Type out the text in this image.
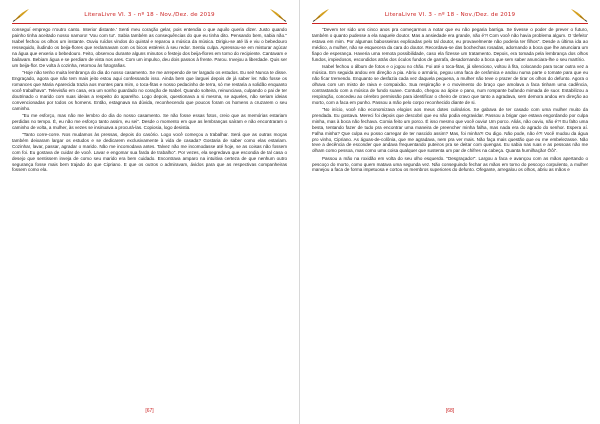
LiteraLivre VI. 3 - nº 18 - Nov./Dez. de 2019

conseguí emprego n'outro canto. Interior distante.' Senti meu coração gelar, pois entendia o que aquilo queria dizer. Justo quando painho tinha aceitado nosso namoro! 'Vou com tu!'. Sabia também as consequências do que eu tinha dito. Pensando bem, sabia não." Isabel fechou os olhos um instante. Ouviu ruídos vindos do quintal e reparou a música da música. Dirigiu-se até lá e viu o bebedouro ressequido, iludindo os beija-flores que reclamavam com os bicos estéreis à seu redor. Sentiu culpa. Apressou-se em misturar açúcar na água que enxeria o bebedouro. Feito, observou durante alguns minutos o festejo dos beija-flores em torno do recipiente. Cantavam e bailavam. Bebiam água e se perdiam de vista nos ares. Com um impulso, deu dois passos à frente. Parou. Invejou a liberdade. Quis ser um beija-flor. De volta à cozinha, retornou às fotografias.

"Hoje não tenho muita lembrança do dia do nosso casamento. Se me arrependo de ter largado os estudos. Eu sei! Nunca te disse. Engraçado, agora que não tem mais jeito estou aqui confessando isso. Ainda bem que larguei depois de já saber ler. Não fosse os romances que Maria Aparecida trazia aos montes para mim, o toca-fitas e nosso pedacinho de terra, só me restaria a solidão enquanto você trabalhava". Televisão em casa, era um sonho guardado no coração de Isabel. Quando solteira, reinunciava, culpando o pai de ter doutrinado o marido com suas ideias a respeito do aparelho. Logo depois, questionava a si mesma, se aqueles, não seriam ideias convencionadas por todos os homens. Então, estagnava na dúvida, reconhecendo que poucos foram os homens a cruzarem o seu caminho.

"Eu me esforço, mas não me lembro do dia do nosso casamento. Se não fosse essas fotos, creio que as memórias estariam perdidas no tempo. É, eu não me esforço tanto assim, eu sei". Desde o momento em que as lembranças saíram e não encontraram o caminho de volta, a mulher, às vezes se insinuava a procurá-las. Copiosia, logo desistia.

"Tanto corre-corre. Nos mudamos às pressas, depois do casório. Logo você começou a trabalhar. Será que as outras moças também deixaram largar os estudos e se dedicarem exclusivamente à vida de casada? Gostaria de saber como elas estariam. Cozinhar, lavar, passar, agradar o marido. Não me incomodava antes. Talvez não me incomodasse até hoje, se as coisas não fossem com foi. Eu gostava de cuidar de você. Lavar e engomar sua farda de trabalho". Por vezes, ela segredava que escondia de tal casa o desejo que sentissem inveja de como seu marido era bem cuidado. Encontrava amparo na intuitiva certeza de que nenhum outro segurança fosse mais bem trajado do que Cipriano. E que os outros o admiravam, ávidos para que as respectivas companheiras fossem como ela.

[67]
LiteraLivre VI. 3 - nº 18 - Nov./Dez. de 2019

"Devem ter sido uns cinco anos pra começarmos a notar que eu não pegaria barriga. Se tivesse o poder de prever o futuro, também o quanto pudesse a ela naquele doutor. Mas a ansiedade era grande, não é?! Com você não havia problema algum. O 'defeito' estava em mim. Por algumas babosseiras explicadas pelo tal doutor, eu provavelmente não poderia ter filhos". Desde a última ida ao médico, a mulher, não se esquecera da cara do doutor. Recordava-se das bochechas rosadas, adornando a boca que lhe anunciara um fiapo de esperança. Haveria uma remota possibilidade, caso ela fizesse um tratamento. Depois, era tomada pela lembrança dos olhos fundos, impiedosos, escondidos atrás dos óculos fundos de garrafa, desadornando a boca que sem saber anunciara-lhe o seu martírio.

Isabel fechou o álbum de fotos e o jogou no chão. Foi até o toca-fitas, já silencioso, voltou à fita, colocando para tocar outra vez a música. Em seguida andou em direção a pia. Abriu o armário, pegou uma faca de cerâmica e andou numa parte o tomate para que eu não ficar tremendo. Enquanto se desfazia cada vez daquela pequena, a mulher não teve o prazer de tirar os olhos do defunto. Agora o olhava com um misto de raiva e compaixão. Sua respiração e o movimento do braço que amolava a faca tinham uma cadência, contrastando com a música de fundo suave. Contudo, chegou ao ápice o pano, num rompante bufando mimada de suor. Estabilizou a respiração, concedeu ao cérebro permissão para identificar o cheiro de cravo que tanto a agradava, sem demora andou em direção ao morto, com a faca em punho. Passou a mão pelo corpo reconhecido diante de si.

"No início, você não economizava elogios aos meus dotes culinários. Se gabava de ter casado com uma mulher muito da prendada. Eu gostava. Mereci foi depois que descobri que eu não podia engravidar. Passou a brigar que estava engordando por culpa minha, mas à boca não fechava. Comia feito um porco. É isso mesmo que você ouviu! Um porco. Aliás, não ouviu, não é?! Eu falto uma besta, tentando fazer de tudo pra encontrar uma maneira de preencher minha falha, mas nada era do agrado do senhor. Espera aí. Falha minha? Que culpa eu posso carregar de ter nascido assim? Mas, foi minha?! Ou digo. Não pode, não é?! Você mudou da água pro vinho, Cipriano. As águas-de-colônia, que me agradava, nem pra ver mais. Não faça mais questão que eu me embelezasse. Não teve a decência de esconder que andava frequentando puteiros pra se deitar com quengas. Eu sabia nas ruas e as pessoas não me olham como pessoa, mas como uma coisa qualquer que sustenta um par de chifres na cabeça. Quanta humilhação! Ôôi".

Passou a mão na roxidão em volta do seu olho esquerdo. "Desgraçado!". Largou a faca e avançou com as mãos apertando o pescoço do morto, como quem matava uma segunda vez. Não conseguindo fechar as mãos em torno do pescoço corpulento, a mulher manejou a faca de forma impetuosa e cortou os membros superiores do defunto. Ofegante, arregalou os olhos, abriu as mãos e

[68]
